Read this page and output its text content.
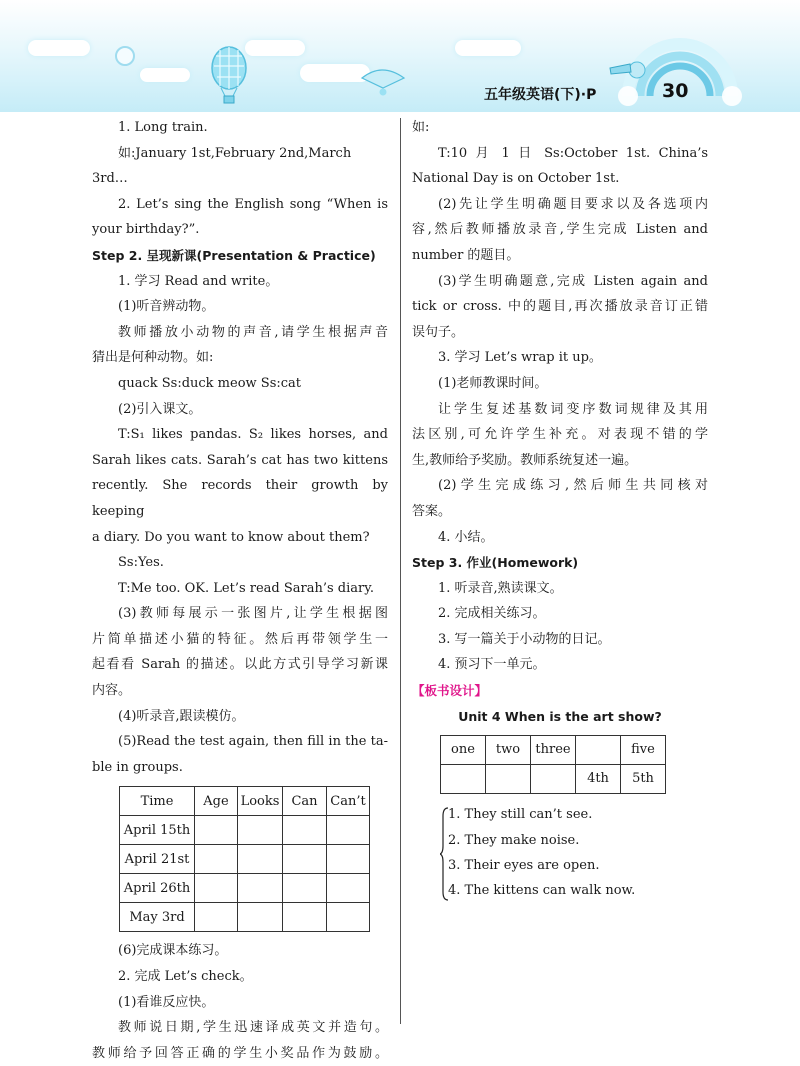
五年级英语(下)·P	30

1. Long train.

如:January 1st,February 2nd,March 3rd…

2. Let’s sing the English song “When is

your birthday?”.

Step 2. 呈现新课(Presentation & Practice)

1. 学习 Read and write。

(1)听音辨动物。

教师播放小动物的声音,请学生根据声音

猜出是何种动物。如:

quack Ss:duck meow Ss:cat

(2)引入课文。

T:S₁ likes pandas. S₂ likes horses, and

Sarah likes cats. Sarah’s cat has two kittens

recently. She records their growth by keeping

a diary. Do you want to know about them?

Ss:Yes.

T:Me too. OK. Let’s read Sarah’s diary.

(3)教师每展示一张图片,让学生根据图

片简单描述小猫的特征。然后再带领学生一

起看看 Sarah 的描述。以此方式引导学习新课

内容。

(4)听录音,跟读模仿。

(5)Read the test again, then fill in the ta-

ble in groups.

Time	Age	Looks	Can	Can’t
April 15th				
April 21st				
April 26th				
May 3rd				

(6)完成课本练习。

2. 完成 Let’s check。

(1)看谁反应快。

教师说日期,学生迅速译成英文并造句。

教师给予回答正确的学生小奖品作为鼓励。

如:

T:10 月 1 日 Ss:October 1st. China’s

National Day is on October 1st.

(2)先让学生明确题目要求以及各选项内

容,然后教师播放录音,学生完成 Listen and

number 的题目。

(3)学生明确题意,完成 Listen again and

tick or cross. 中的题目,再次播放录音订正错

误句子。

3. 学习 Let’s wrap it up。

(1)老师教课时间。

让学生复述基数词变序数词规律及其用

法区别,可允许学生补充。对表现不错的学

生,教师给予奖励。教师系统复述一遍。

(2)学生完成练习,然后师生共同核对

答案。

4. 小结。

Step 3. 作业(Homework)

1. 听录音,熟读课文。

2. 完成相关练习。

3. 写一篇关于小动物的日记。

4. 预习下一单元。

【板书设计】
Unit 4 When is the art show?
one	two	three		five
			4th	5th
1. They still can’t see.
2. They make noise.
3. Their eyes are open.
4. The kittens can walk now.
